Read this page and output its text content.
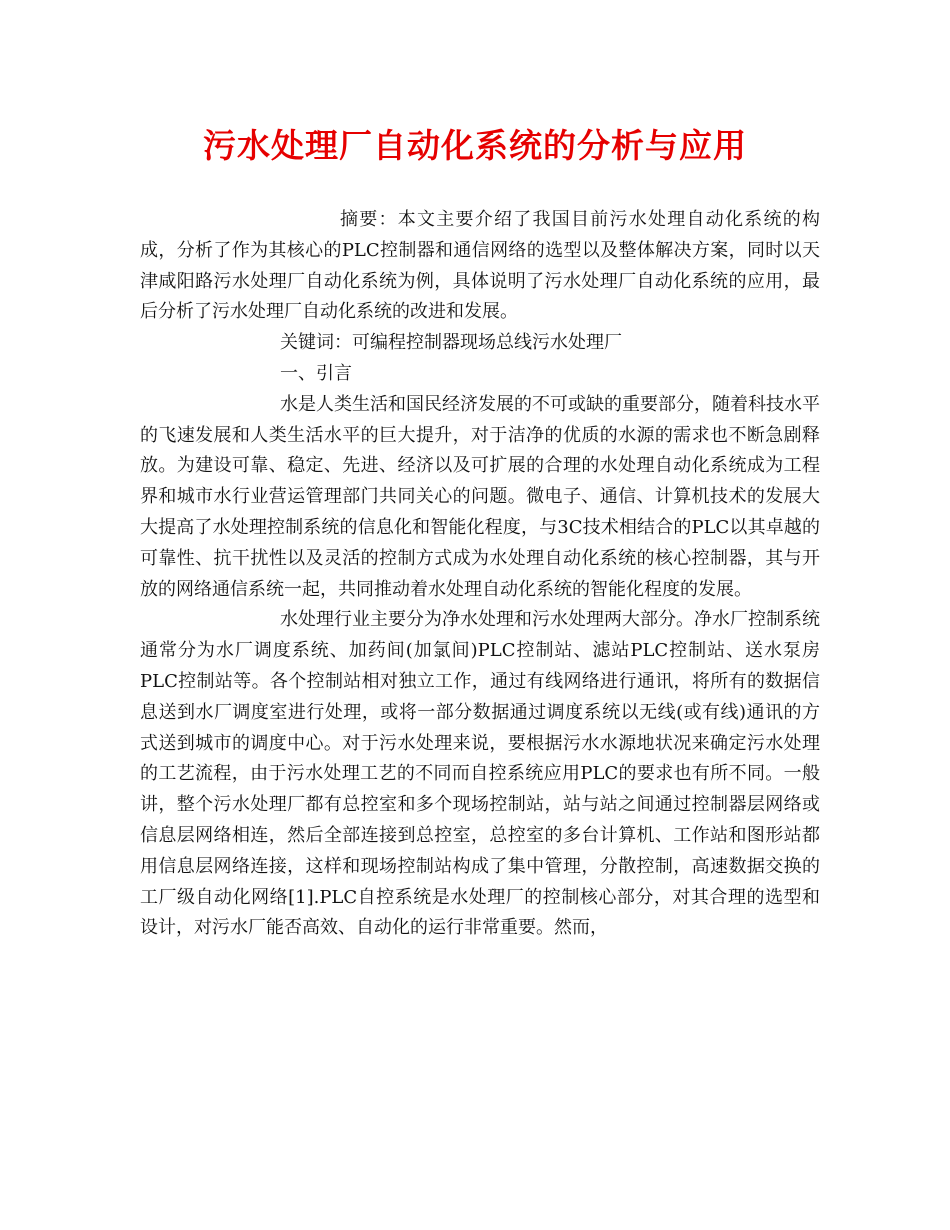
污水处理厂自动化系统的分析与应用

摘要：本文主要介绍了我国目前污水处理自动化系统的构成，分析了作为其核心的PLC控制器和通信网络的选型以及整体解决方案，同时以天津咸阳路污水处理厂自动化系统为例，具体说明了污水处理厂自动化系统的应用，最后分析了污水处理厂自动化系统的改进和发展。

关键词：可编程控制器现场总线污水处理厂

一、引言

水是人类生活和国民经济发展的不可或缺的重要部分，随着科技水平的飞速发展和人类生活水平的巨大提升，对于洁净的优质的水源的需求也不断急剧释放。为建设可靠、稳定、先进、经济以及可扩展的合理的水处理自动化系统成为工程界和城市水行业营运管理部门共同关心的问题。微电子、通信、计算机技术的发展大大提高了水处理控制系统的信息化和智能化程度，与3C技术相结合的PLC以其卓越的可靠性、抗干扰性以及灵活的控制方式成为水处理自动化系统的核心控制器，其与开放的网络通信系统一起，共同推动着水处理自动化系统的智能化程度的发展。

水处理行业主要分为净水处理和污水处理两大部分。净水厂控制系统通常分为水厂调度系统、加药间(加氯间)PLC控制站、滤站PLC控制站、送水泵房PLC控制站等。各个控制站相对独立工作，通过有线网络进行通讯，将所有的数据信息送到水厂调度室进行处理，或将一部分数据通过调度系统以无线(或有线)通讯的方式送到城市的调度中心。对于污水处理来说，要根据污水水源地状况来确定污水处理的工艺流程，由于污水处理工艺的不同而自控系统应用PLC的要求也有所不同。一般讲，整个污水处理厂都有总控室和多个现场控制站，站与站之间通过控制器层网络或信息层网络相连，然后全部连接到总控室，总控室的多台计算机、工作站和图形站都用信息层网络连接，这样和现场控制站构成了集中管理，分散控制，高速数据交换的工厂级自动化网络[1].PLC自控系统是水处理厂的控制核心部分，对其合理的选型和设计，对污水厂能否高效、自动化的运行非常重要。然而，
